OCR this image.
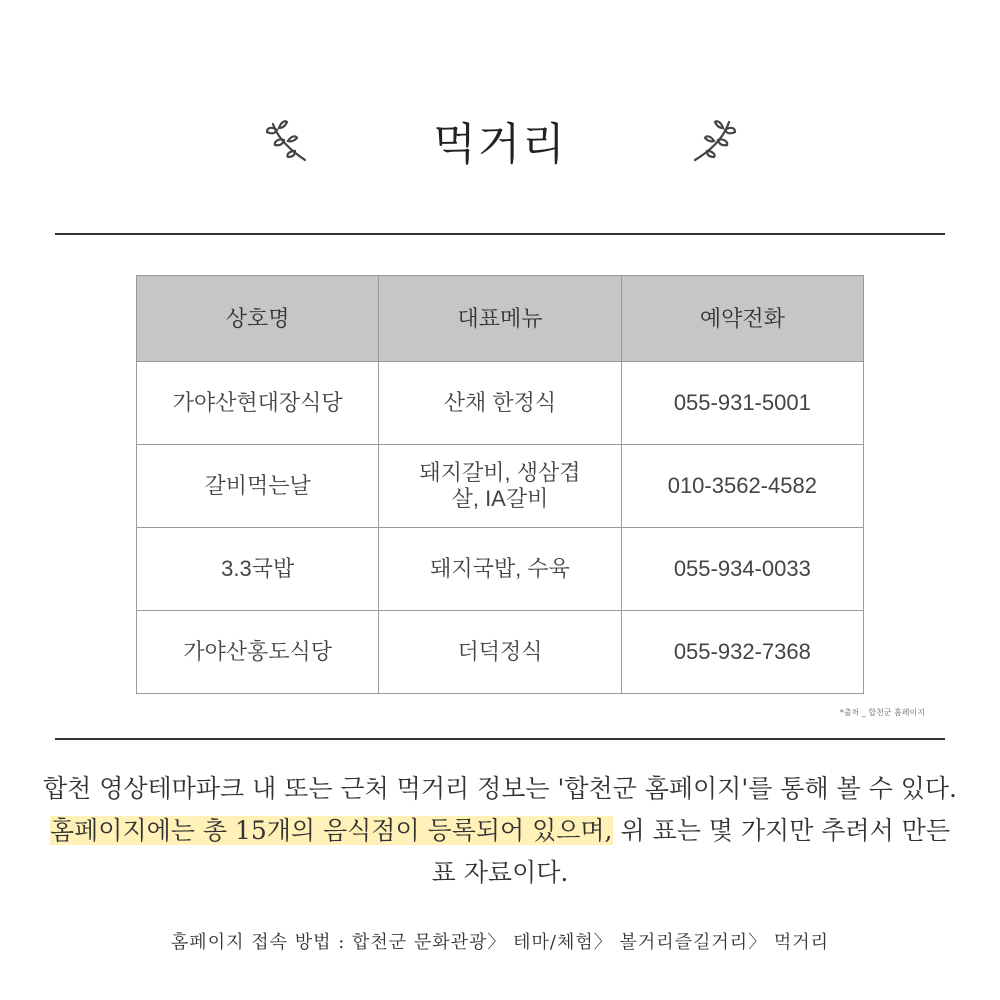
먹거리
상호명	대표메뉴	예약전화
가야산현대장식당	산채 한정식	055-931-5001
갈비먹는날	돼지갈비, 생삼겹살, IA갈비	010-3562-4582
3.3국밥	돼지국밥, 수육	055-934-0033
가야산홍도식당	더덕정식	055-932-7368
*출처 _ 합천군 홈페이지
합천 영상테마파크 내 또는 근처 먹거리 정보는 '합천군 홈페이지'를 통해 볼 수 있다. 홈페이지에는 총 15개의 음식점이 등록되어 있으며, 위 표는 몇 가지만 추려서 만든 표 자료이다.
홈페이지 접속 방법 : 합천군 문화관광〉 테마/체험〉 볼거리즐길거리〉 먹거리
